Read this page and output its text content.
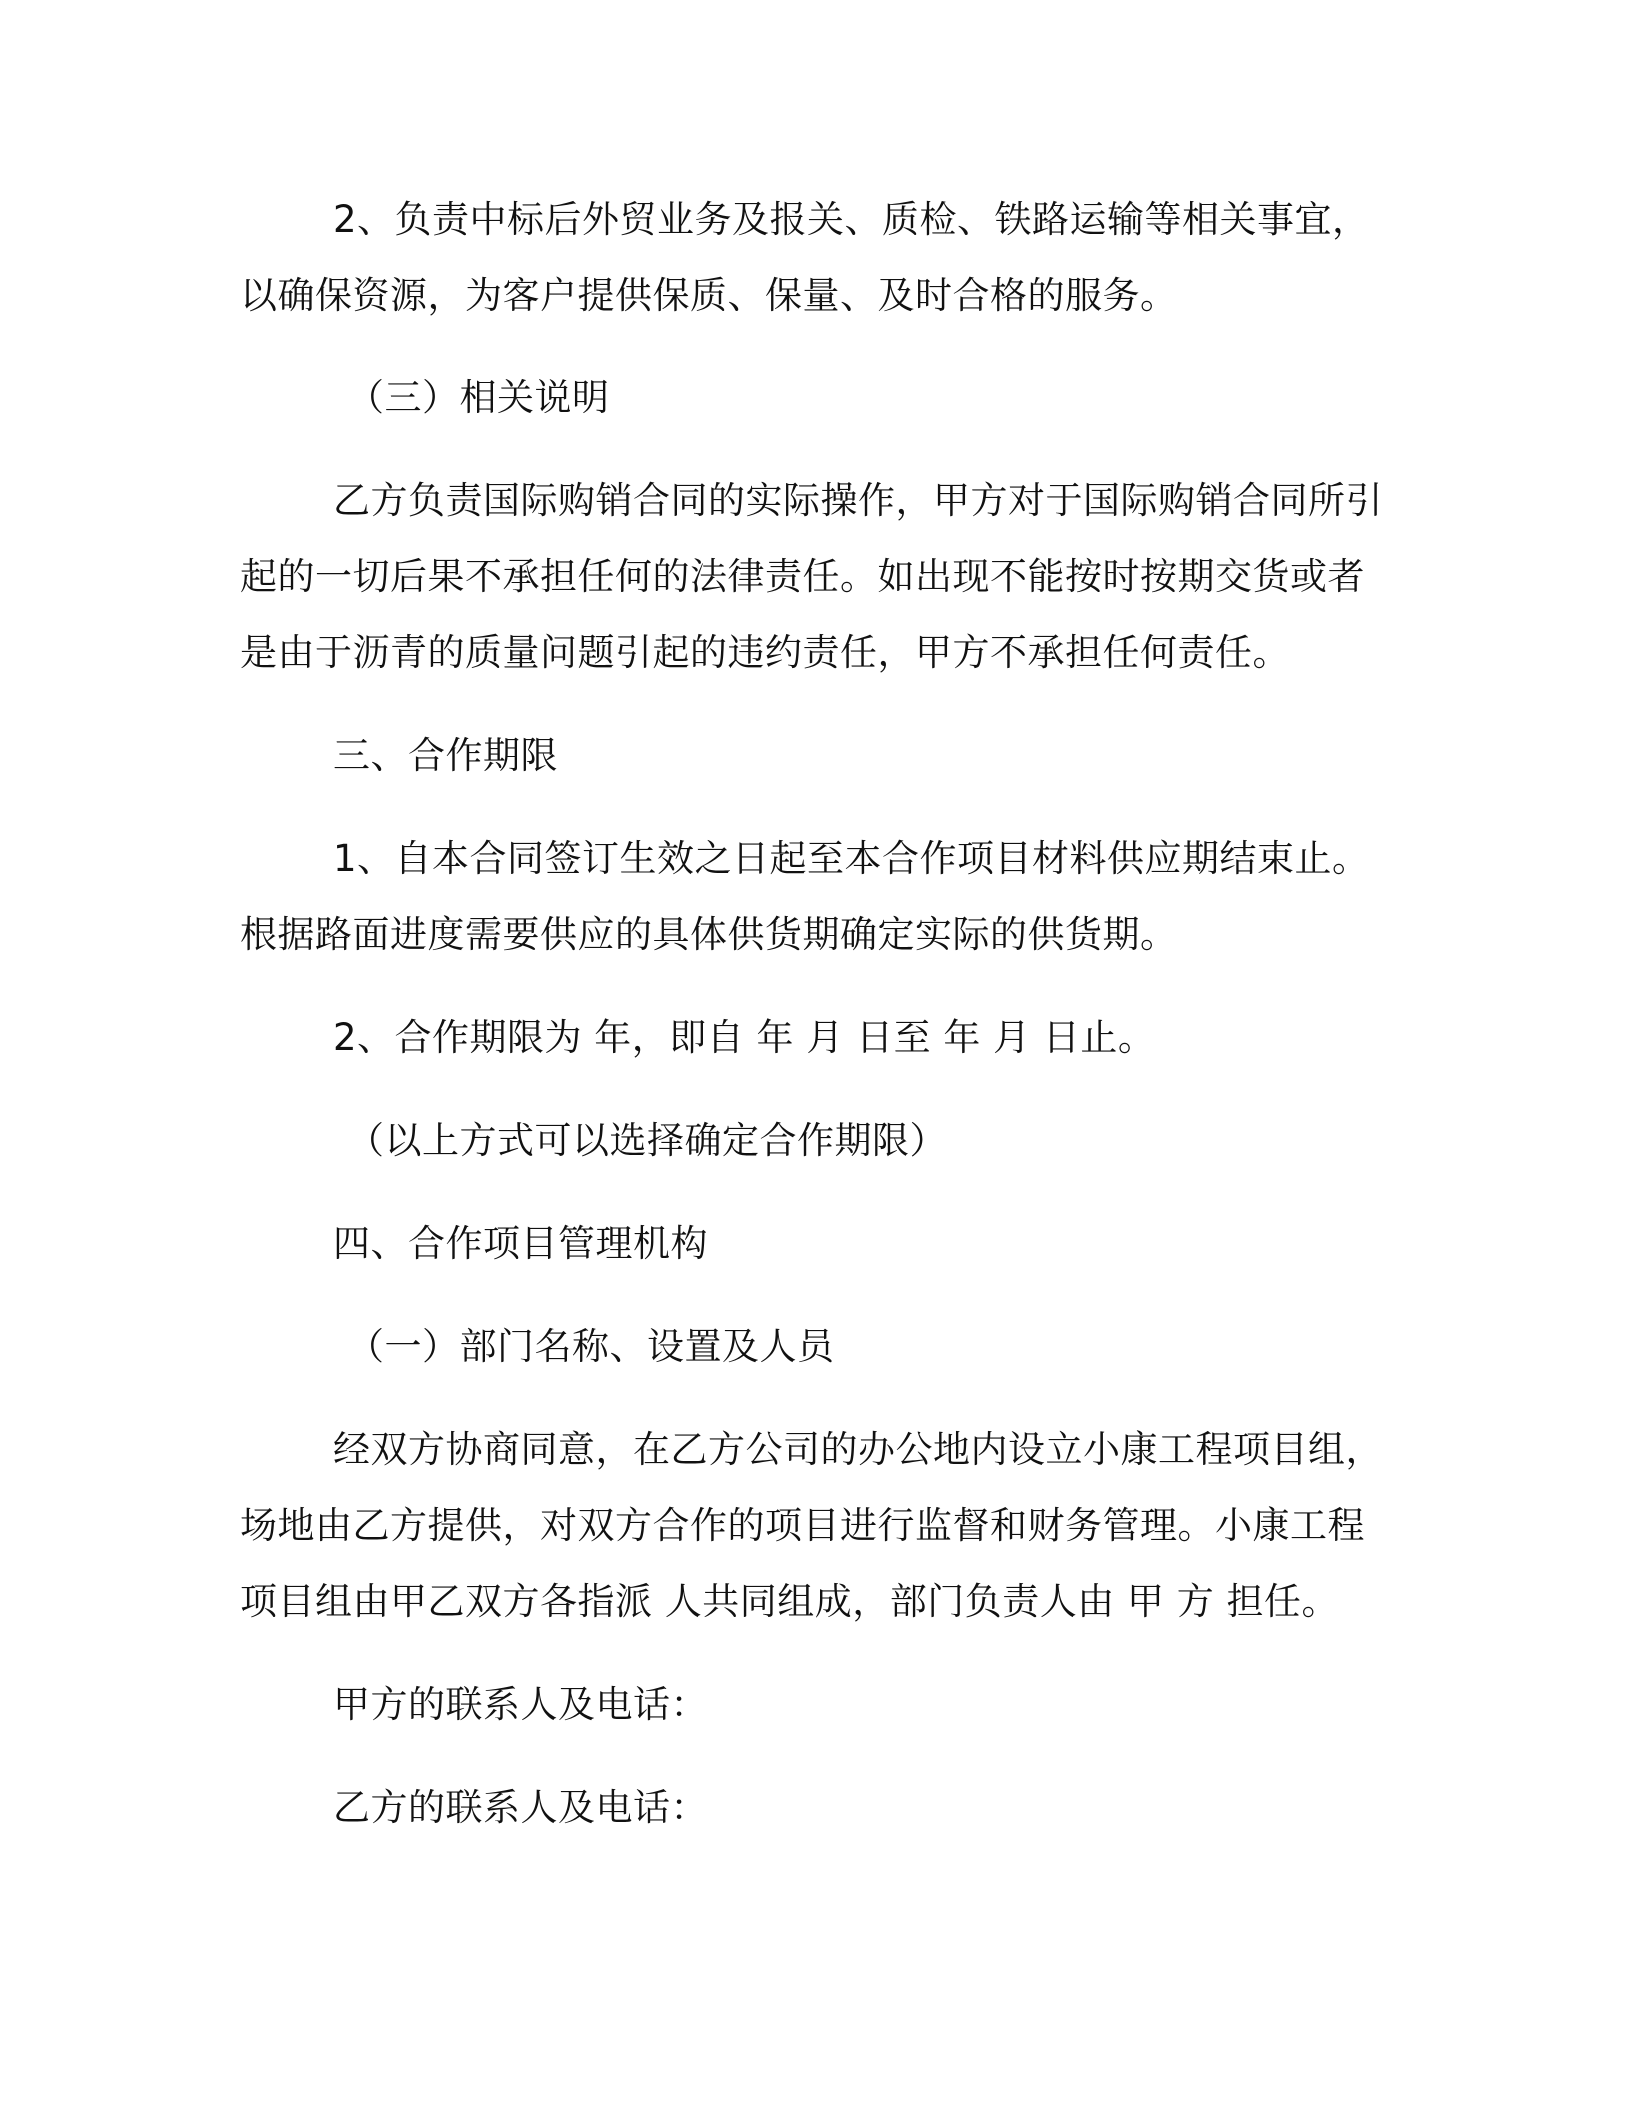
2、负责中标后外贸业务及报关、质检、铁路运输等相关事宜，
以确保资源，为客户提供保质、保量、及时合格的服务。
（三）相关说明
乙方负责国际购销合同的实际操作，甲方对于国际购销合同所引
起的一切后果不承担任何的法律责任。如出现不能按时按期交货或者
是由于沥青的质量问题引起的违约责任，甲方不承担任何责任。
三、合作期限
1、自本合同签订生效之日起至本合作项目材料供应期结束止。
根据路面进度需要供应的具体供货期确定实际的供货期。
2、合作期限为 年，即自 年 月 日至 年 月 日止。
（以上方式可以选择确定合作期限）
四、合作项目管理机构
（一）部门名称、设置及人员
经双方协商同意，在乙方公司的办公地内设立小康工程项目组，
场地由乙方提供，对双方合作的项目进行监督和财务管理。小康工程
项目组由甲乙双方各指派 人共同组成，部门负责人由 甲 方 担任。
甲方的联系人及电话：
乙方的联系人及电话：
